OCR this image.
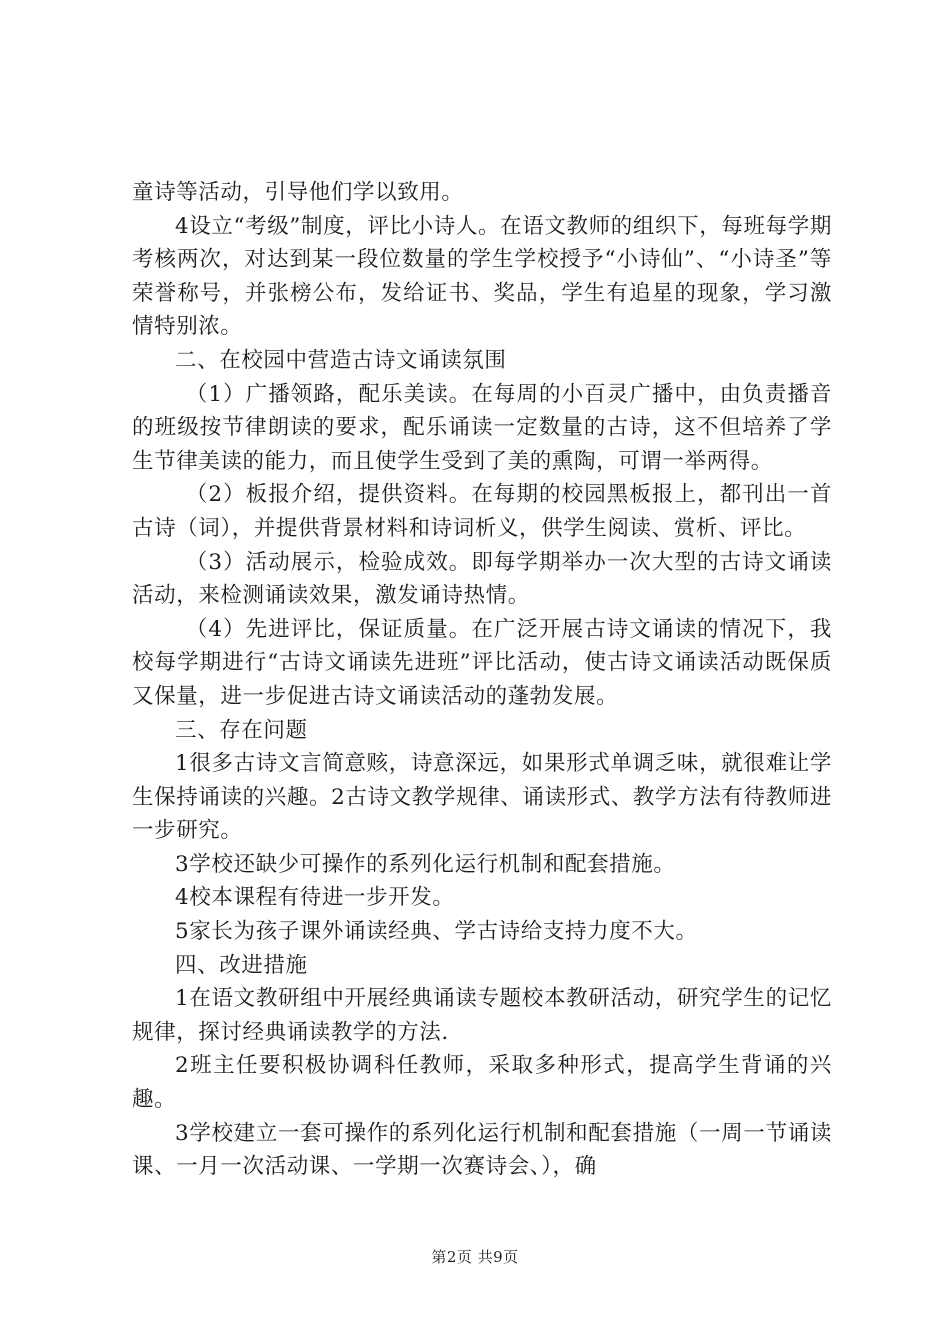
童诗等活动，引导他们学以致用。

4设立“考级”制度，评比小诗人。在语文教师的组织下，每班每学期考核两次，对达到某一段位数量的学生学校授予“小诗仙”、“小诗圣”等荣誉称号，并张榜公布，发给证书、奖品，学生有追星的现象，学习激情特别浓。

二、在校园中营造古诗文诵读氛围

（1）广播领路，配乐美读。在每周的小百灵广播中，由负责播音的班级按节律朗读的要求，配乐诵读一定数量的古诗，这不但培养了学生节律美读的能力，而且使学生受到了美的熏陶，可谓一举两得。

（2）板报介绍，提供资料。在每期的校园黑板报上，都刊出一首古诗（词），并提供背景材料和诗词析义，供学生阅读、赏析、评比。

（3）活动展示，检验成效。即每学期举办一次大型的古诗文诵读活动，来检测诵读效果，激发诵诗热情。

（4）先进评比，保证质量。在广泛开展古诗文诵读的情况下，我校每学期进行“古诗文诵读先进班”评比活动，使古诗文诵读活动既保质又保量，进一步促进古诗文诵读活动的蓬勃发展。

三、存在问题

1很多古诗文言简意赅，诗意深远，如果形式单调乏味，就很难让学生保持诵读的兴趣。2古诗文教学规律、诵读形式、教学方法有待教师进一步研究。

3学校还缺少可操作的系列化运行机制和配套措施。

4校本课程有待进一步开发。

5家长为孩子课外诵读经典、学古诗给支持力度不大。

四、改进措施

1在语文教研组中开展经典诵读专题校本教研活动，研究学生的记忆规律，探讨经典诵读教学的方法.

2班主任要积极协调科任教师，采取多种形式，提高学生背诵的兴趣。

3学校建立一套可操作的系列化运行机制和配套措施（一周一节诵读课、一月一次活动课、一学期一次赛诗会、），确

第2页 共9页
